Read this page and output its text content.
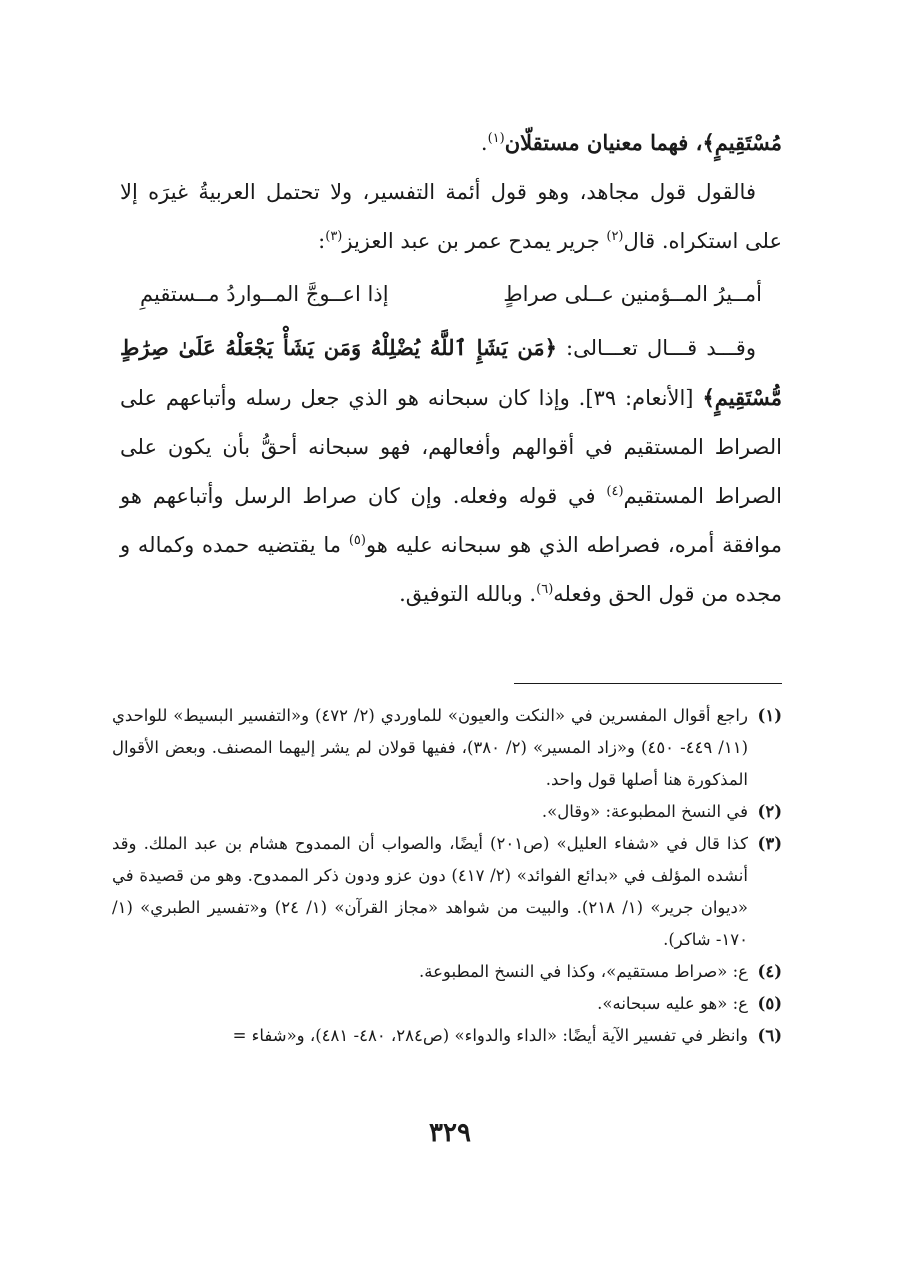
مُسْتَقِيمٍ﴾، فهما معنيان مستقلّان$^{(١)}$.

فالقول قول مجاهد، وهو قول أئمة التفسير، ولا تحتمل العربيةُ غيرَه إلا على استكراه. قال$^{(٢)}$ جرير يمدح عمر بن عبد العزيز$^{(٣)}$:

أمــيرُ المــؤمنين عــلى صراطٍ
إذا اعــوجَّ المــواردُ مــستقيمِ

وقـــد قـــال تعـــالى: ﴿مَن يَشَإِ ٱللَّهُ يُضْلِلْهُ وَمَن يَشَأْ يَجْعَلْهُ عَلَىٰ صِرَٰطٍ مُّسْتَقِيمٍ﴾ [الأنعام: ٣٩]. وإذا كان سبحانه هو الذي جعل رسله وأتباعهم على الصراط المستقيم في أقوالهم وأفعالهم، فهو سبحانه أحقُّ بأن يكون على الصراط المستقيم$^{(٤)}$ في قوله وفعله. وإن كان صراط الرسل وأتباعهم هو موافقة أمره، فصراطه الذي هو سبحانه عليه هو$^{(٥)}$ ما يقتضيه حمده وكماله و مجده من قول الحق وفعله$^{(٦)}$. وبالله التوفيق.

(١)
راجع أقوال المفسرين في «النكت والعيون» للماوردي (٢/ ٤٧٢) و«التفسير البسيط» للواحدي (١١/ ٤٤٩- ٤٥٠) و«زاد المسير» (٢/ ٣٨٠)، ففيها قولان لم يشر إليهما المصنف. وبعض الأقوال المذكورة هنا أصلها قول واحد.

(٢)
في النسخ المطبوعة: «وقال».

(٣)
كذا قال في «شفاء العليل» (ص٢٠١) أيضًا، والصواب أن الممدوح هشام بن عبد الملك. وقد أنشده المؤلف في «بدائع الفوائد» (٢/ ٤١٧) دون عزو ودون ذكر الممدوح. وهو من قصيدة في «ديوان جرير» (١/ ٢١٨). والبيت من شواهد «مجاز القرآن» (١/ ٢٤) و«تفسير الطبري» (١/ ١٧٠- شاكر).

(٤)
ع: «صراط مستقيم»، وكذا في النسخ المطبوعة.

(٥)
ع: «هو عليه سبحانه».

(٦)
وانظر في تفسير الآية أيضًا: «الداء والدواء» (ص٢٨٤، ٤٨٠- ٤٨١)، و«شفاء =

٣٢٩
